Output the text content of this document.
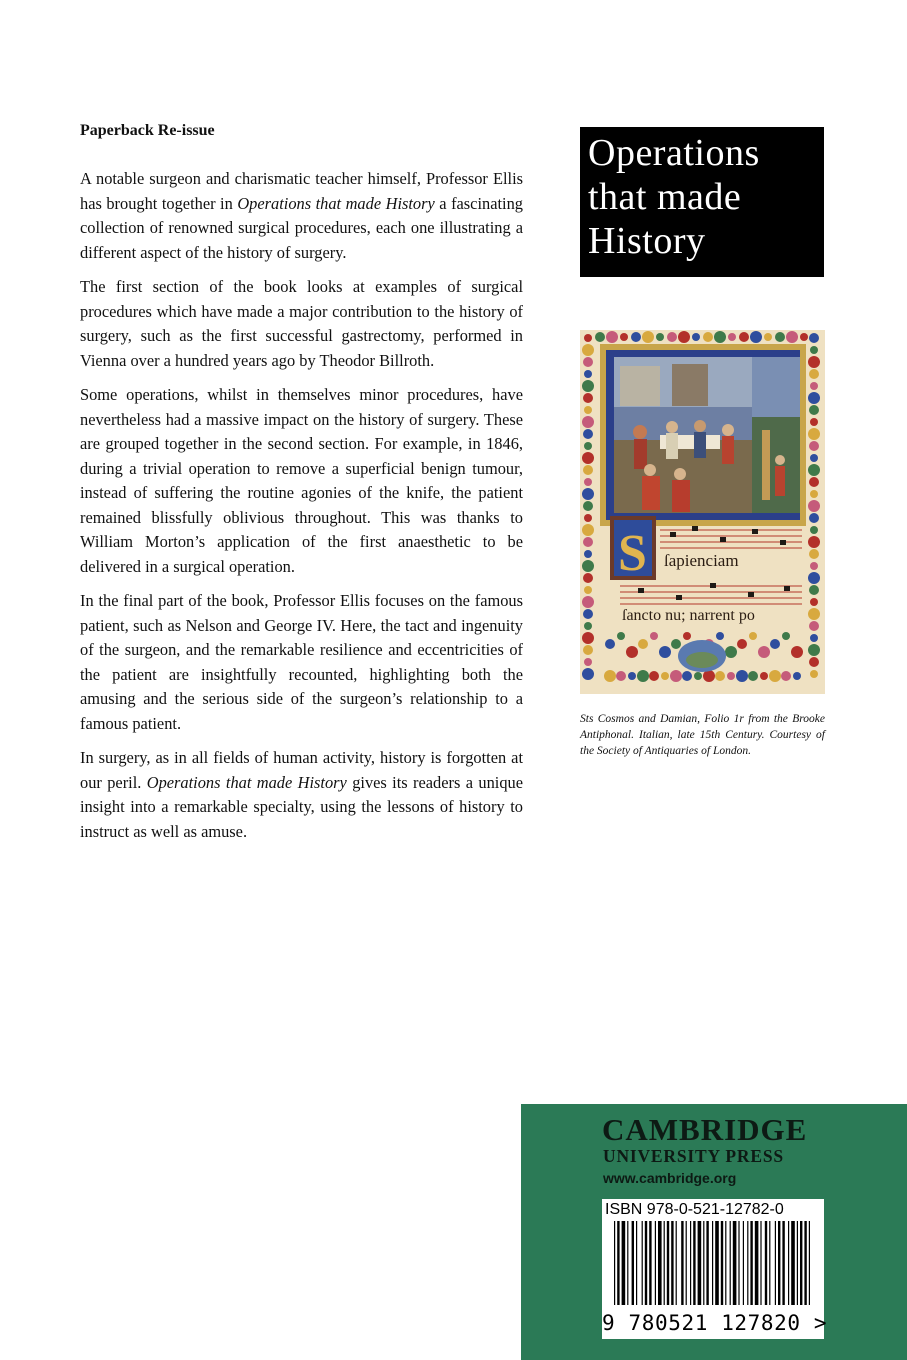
Paperback Re-issue

A notable surgeon and charismatic teacher himself, Professor Ellis has brought together in Operations that made History a fascinating collection of renowned surgical procedures, each one illustrating a different aspect of the history of surgery.

The first section of the book looks at examples of surgical procedures which have made a major contribution to the history of surgery, such as the first successful gastrectomy, performed in Vienna over a hundred years ago by Theodor Billroth.

Some operations, whilst in themselves minor procedures, have nevertheless had a massive impact on the history of surgery. These are grouped together in the second section. For example, in 1846, during a trivial operation to remove a superficial benign tumour, instead of suffering the routine agonies of the knife, the patient remained blissfully oblivious throughout. This was thanks to William Morton’s application of the first anaesthetic to be delivered in a surgical operation.

In the final part of the book, Professor Ellis focuses on the famous patient, such as Nelson and George IV. Here, the tact and ingenuity of the surgeon, and the remarkable resilience and eccentricities of the patient are insightfully recounted, highlighting both the amusing and the serious side of the surgeon’s relationship to a famous patient.

In surgery, as in all fields of human activity, history is forgotten at our peril. Operations that made History gives its readers a unique insight into a remarkable specialty, using the lessons of history to instruct as well as amuse.

Operations
that made
History
S ſapienciam
ſancto nu; narrent po
Sts Cosmos and Damian, Folio 1r from the Brooke Antiphonal. Italian, late 15th Century. Courtesy of the Society of Antiquaries of London.
CAMBRIDGE
UNIVERSITY PRESS
www.cambridge.org
ISBN 978-0-521-12782-0
9 780521 127820 >
